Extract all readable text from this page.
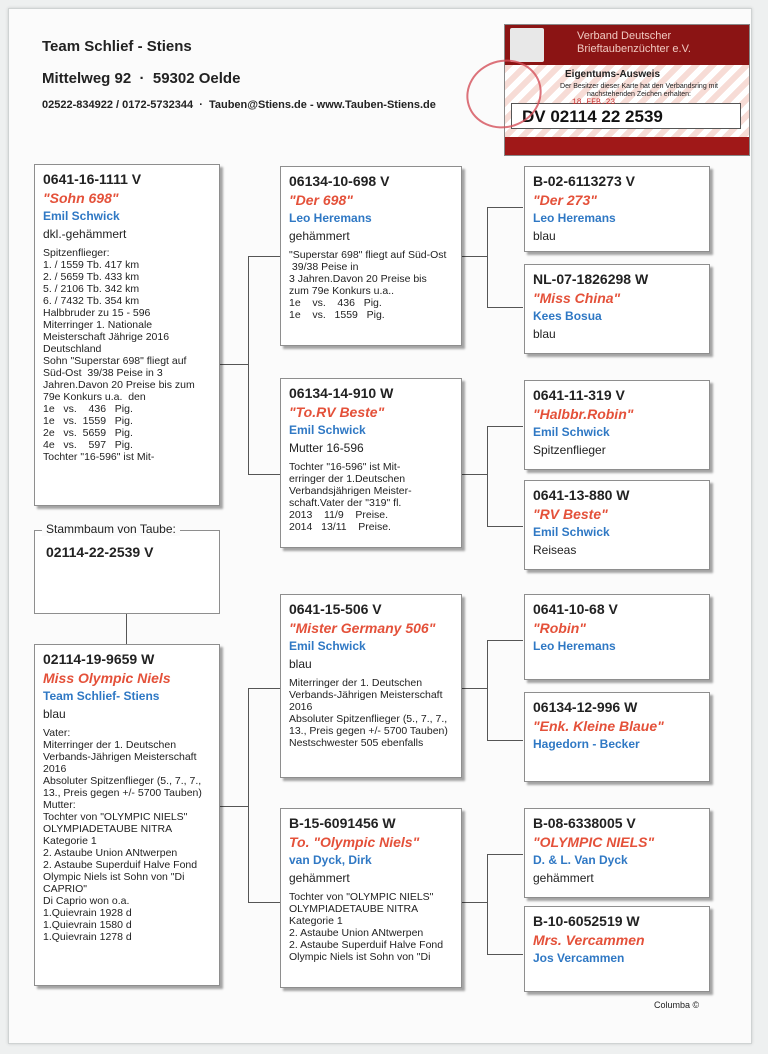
Team Schlief - Stiens
Mittelweg 92  ·  59302 Oelde
02522-834922 / 0172-5732344  ·  Tauben@Stiens.de - www.Tauben-Stiens.de
Verband Deutscher
Brieftaubenzüchter e.V.
Eigentums-Ausweis
Der Besitzer dieser Karte hat den Verbandsring mit nachstehenden Zeichen erhalten:
DV 02114 22 2539
18.FEB.23
Stammbaum von Taube:
02114-22-2539 V
0641-16-1111 V
"Sohn 698"
Emil Schwick
dkl.-gehämmert
Spitzenflieger:
1. / 1559 Tb. 417 km
2. / 5659 Tb. 433 km
5. / 2106 Tb. 342 km
6. / 7432 Tb. 354 km
Halbbruder zu 15 - 596
Miterringer 1. Nationale
Meisterschaft Jährige 2016
Deutschland
Sohn "Superstar 698" fliegt auf
Süd-Ost  39/38 Peise in 3
Jahren.Davon 20 Preise bis zum
79e Konkurs u.a.  den
1e   vs.    436   Pig.
1e   vs.  1559   Pig.
2e   vs.  5659   Pig.
4e   vs.    597   Pig.
Tochter "16-596" ist Mit-
02114-19-9659 W
Miss Olympic Niels
Team Schlief- Stiens
blau
Vater:
Miterringer der 1. Deutschen
Verbands-Jährigen Meisterschaft
2016
Absoluter Spitzenflieger (5., 7., 7.,
13., Preis gegen +/- 5700 Tauben)
Mutter:
Tochter von "OLYMPIC NIELS"
OLYMPIADETAUBE NITRA
Kategorie 1
2. Astaube Union ANtwerpen
2. Astaube Superduif Halve Fond
Olympic Niels ist Sohn von "Di
CAPRIO"
Di Caprio won o.a.
1.Quievrain 1928 d
1.Quievrain 1580 d
1.Quievrain 1278 d
06134-10-698 V
"Der 698"
Leo Heremans
gehämmert
"Superstar 698" fliegt auf Süd-Ost
39/38 Peise in
3 Jahren.Davon 20 Preise bis
zum 79e Konkurs u.a..
1e    vs.    436   Pig.
1e    vs.   1559   Pig.
06134-14-910 W
"To.RV Beste"
Emil Schwick
Mutter 16-596
Tochter "16-596" ist Mit-
erringer der 1.Deutschen
Verbandsjährigen Meister-
schaft.Vater der "319" fl.
2013    11/9    Preise.
2014   13/11    Preise.
0641-15-506 V
"Mister Germany 506"
Emil Schwick
blau
Miterringer der 1. Deutschen
Verbands-Jährigen Meisterschaft
2016
Absoluter Spitzenflieger (5., 7., 7.,
13., Preis gegen +/- 5700 Tauben)
Nestschwester 505 ebenfalls
B-15-6091456 W
To. "Olympic Niels"
van Dyck, Dirk
gehämmert
Tochter von "OLYMPIC NIELS"
OLYMPIADETAUBE NITRA
Kategorie 1
2. Astaube Union ANtwerpen
2. Astaube Superduif Halve Fond
Olympic Niels ist Sohn von "Di
B-02-6113273 V
"Der 273"
Leo Heremans
blau
NL-07-1826298 W
"Miss China"
Kees Bosua
blau
0641-11-319 V
"Halbbr.Robin"
Emil Schwick
Spitzenflieger
0641-13-880 W
"RV Beste"
Emil Schwick
Reiseas
0641-10-68 V
"Robin"
Leo Heremans
06134-12-996 W
"Enk. Kleine Blaue"
Hagedorn - Becker
B-08-6338005 V
"OLYMPIC NIELS"
D. & L. Van Dyck
gehämmert
B-10-6052519 W
Mrs. Vercammen
Jos Vercammen
Columba ©
